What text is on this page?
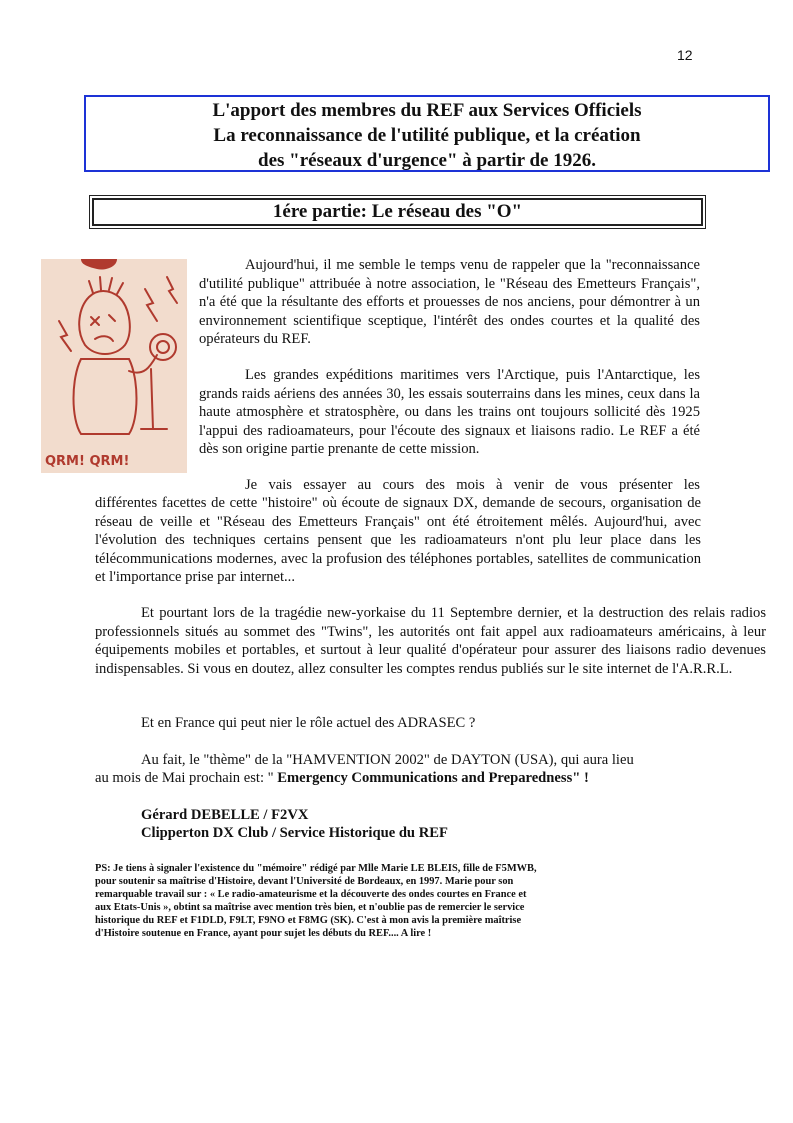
12
L'apport des membres du REF aux Services Officiels
La reconnaissance de l'utilité publique, et la création
des "réseaux d'urgence" à partir de 1926.
1ére partie: Le réseau des "O"
QRM! QRM!
Aujourd'hui, il me semble le temps venu de rappeler que la "reconnaissance d'utilité publique" attribuée à notre association, le "Réseau des Emetteurs Français", n'a été que la résultante des efforts et prouesses de nos anciens, pour démontrer à un environnement scientifique sceptique, l'intérêt des ondes courtes et la qualité des opérateurs du REF.
Les grandes expéditions maritimes vers l'Arctique, puis l'Antarctique, les grands raids aériens des années 30, les essais souterrains dans les mines, ceux dans la haute atmosphère et stratosphère, ou dans les trains ont toujours sollicité dès 1925 l'appui des radioamateurs, pour l'écoute des signaux et liaisons radio. Le REF a été dès son origine partie prenante de cette mission.
Je vais essayer au cours des mois à venir de vous présenter les
différentes facettes de cette "histoire" où écoute de signaux DX, demande de secours, organisation de réseau de veille et "Réseau des Emetteurs Français" ont été étroitement mêlés. Aujourd'hui, avec l'évolution des techniques certains pensent que les radioamateurs n'ont plu leur place dans les télécommunications modernes, avec la profusion des téléphones portables, satellites de communication et l'importance prise par internet...
Et pourtant lors de la tragédie new-yorkaise du 11 Septembre dernier, et la destruction des relais radios professionnels situés au sommet des "Twins", les autorités ont fait appel aux radioamateurs américains, à leur équipements mobiles et portables, et surtout à leur qualité d'opérateur pour assurer des liaisons radio devenues indispensables. Si vous en doutez, allez consulter les comptes rendus publiés sur le site internet de l'A.R.R.L.
Et en France qui peut nier le rôle actuel des ADRASEC ?
Au fait, le "thème" de la "HAMVENTION 2002" de DAYTON (USA), qui aura lieu
au mois de Mai prochain est: " Emergency Communications and Preparedness" !
Gérard DEBELLE / F2VX
Clipperton DX Club / Service Historique du REF
PS: Je tiens à signaler l'existence du "mémoire" rédigé par Mlle Marie LE BLEIS, fille de F5MWB,
pour soutenir sa maîtrise d'Histoire, devant l'Université de Bordeaux, en 1997. Marie pour son
remarquable travail sur : « Le radio-amateurisme et la découverte des ondes courtes en France et
aux Etats-Unis », obtint sa maîtrise avec mention très bien, et n'oublie pas de remercier le service
historique du REF et F1DLD, F9LT, F9NO et F8MG (SK). C'est à mon avis la première maîtrise
d'Histoire soutenue en France, ayant pour sujet les débuts du REF.... A lire !
